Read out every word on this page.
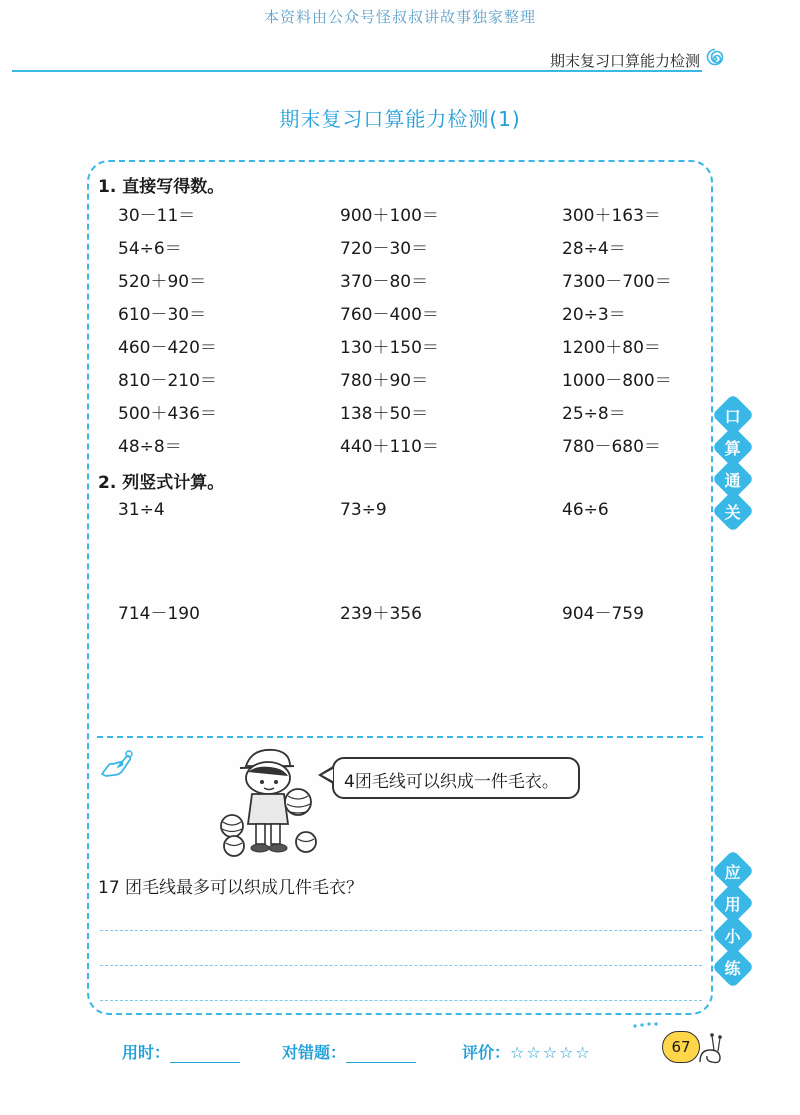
本资料由公众号怪叔叔讲故事独家整理
期末复习口算能力检测
期末复习口算能力检测(1)
1. 直接写得数。
30－11＝	900＋100＝	300＋163＝
54÷6＝	720－30＝	28÷4＝
520＋90＝	370－80＝	7300－700＝
610－30＝	760－400＝	20÷3＝
460－420＝	130＋150＝	1200＋80＝
810－210＝	780＋90＝	1000－800＝
500＋436＝	138＋50＝	25÷8＝
48÷8＝	440＋110＝	780－680＝
2. 列竖式计算。
31÷4	73÷9	46÷6
714－190	239＋356	904－759
口
算
通
关
4团毛线可以织成一件毛衣。
17 团毛线最多可以织成几件毛衣？
应
用
小
练
用时：	对错题：	评价：☆☆☆☆☆	67
